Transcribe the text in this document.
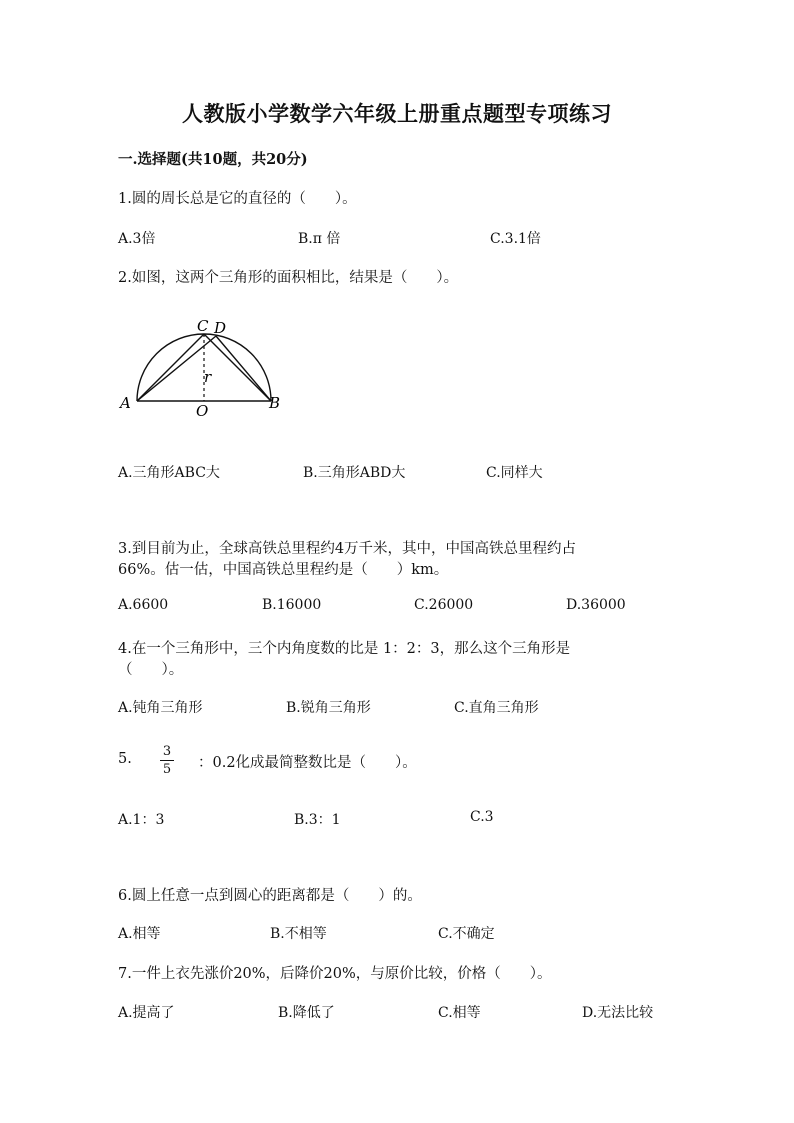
人教版小学数学六年级上册重点题型专项练习
一.选择题(共10题，共20分)
1.圆的周长总是它的直径的（　　）。
A.3倍	B.π 倍	C.3.1倍
2.如图，这两个三角形的面积相比，结果是（　　）。
C D
A	B
O
r
A.三角形ABC大	B.三角形ABD大	C.同样大
3.到目前为止，全球高铁总里程约4万千米，其中，中国高铁总里程约占
66%。估一估，中国高铁总里程约是（　　）km。
A.6600	B.16000	C.26000	D.36000
4.在一个三角形中，三个内角度数的比是 1：2：3，那么这个三角形是
（　　）。
A.钝角三角形	B.锐角三角形	C.直角三角形
5. 3
5 ：0.2化成最简整数比是（　　）。
A.1：3	B.3：1	C.3
6.圆上任意一点到圆心的距离都是（　　）的。
A.相等	B.不相等	C.不确定
7.一件上衣先涨价20%，后降价20%，与原价比较，价格（　　）。
A.提高了	B.降低了	C.相等	D.无法比较
